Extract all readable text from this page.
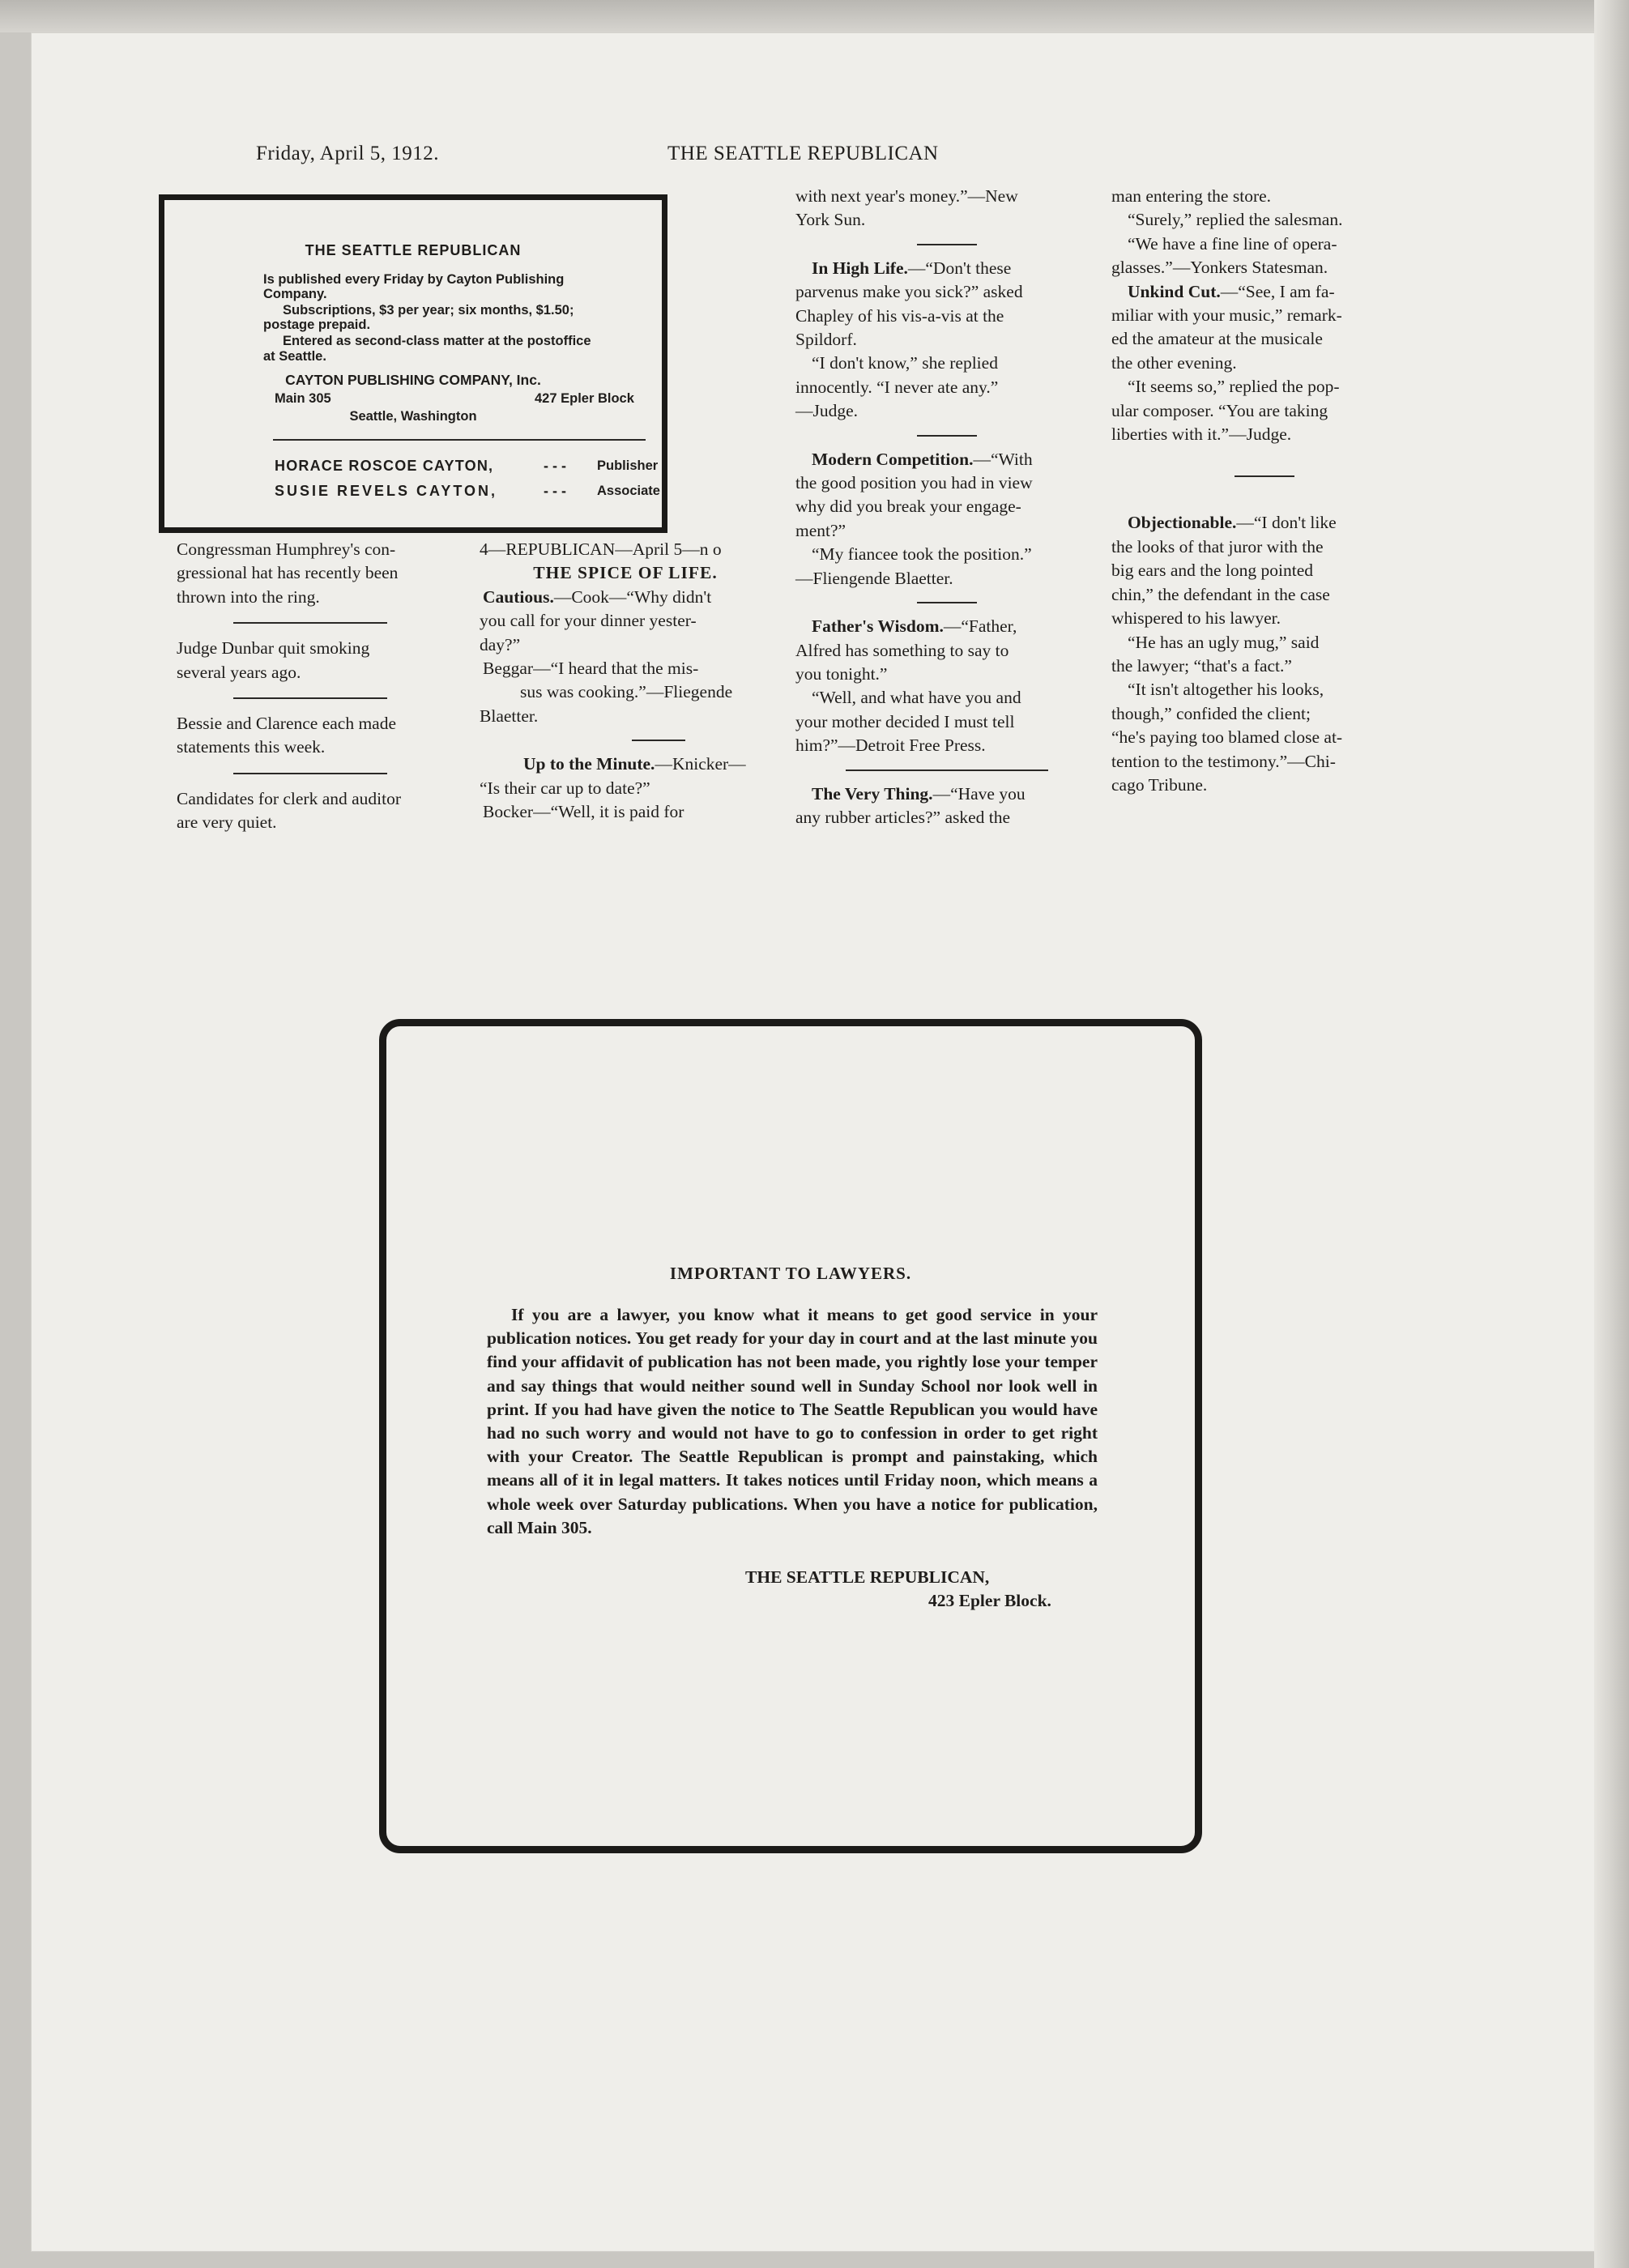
Friday, April 5, 1912.	THE SEATTLE REPUBLICAN
THE SEATTLE REPUBLICAN
Is published every Friday by Cayton Publishing
Company.
Subscriptions, $3 per year; six months, $1.50;
postage prepaid.
Entered as second-class matter at the postoffice
at Seattle.
CAYTON PUBLISHING COMPANY, Inc.
Main 305	427 Epler Block
Seattle, Washington
HORACE ROSCOE CAYTON,	- - - Publisher
SUSIE REVELS CAYTON,	- - - Associate
Congressman Humphrey's con-
gressional hat has recently been
thrown into the ring.
Judge Dunbar quit smoking
several years ago.
Bessie and Clarence each made
statements this week.
Candidates for clerk and auditor
are very quiet.
4—REPUBLICAN—April 5—n o
THE SPICE OF LIFE.
Cautious.—Cook—“Why didn't
you call for your dinner yester-
day?”
Beggar—“I heard that the mis-
sus was cooking.”—Fliegende
Blaetter.
Up to the Minute.—Knicker—
“Is their car up to date?”
Bocker—“Well, it is paid for
with next year's money.”—New
York Sun.
In High Life.—“Don't these
parvenus make you sick?” asked
Chapley of his vis-a-vis at the
Spildorf.
“I don't know,” she replied
innocently. “I never ate any.”
—Judge.
Modern Competition.—“With
the good position you had in view
why did you break your engage-
ment?”
“My fiancee took the position.”
—Fliengende Blaetter.
Father's Wisdom.—“Father,
Alfred has something to say to
you tonight.”
“Well, and what have you and
your mother decided I must tell
him?”—Detroit Free Press.
The Very Thing.—“Have you
any rubber articles?” asked the
man entering the store.
“Surely,” replied the salesman.
“We have a fine line of opera-
glasses.”—Yonkers Statesman.
Unkind Cut.—“See, I am fa-
miliar with your music,” remark-
ed the amateur at the musicale
the other evening.
“It seems so,” replied the pop-
ular composer. “You are taking
liberties with it.”—Judge.
Objectionable.—“I don't like
the looks of that juror with the
big ears and the long pointed
chin,” the defendant in the case
whispered to his lawyer.
“He has an ugly mug,” said
the lawyer; “that's a fact.”
“It isn't altogether his looks,
though,” confided the client;
“he's paying too blamed close at-
tention to the testimony.”—Chi-
cago Tribune.
IMPORTANT TO LAWYERS.

If you are a lawyer, you know what it means to get good service in your publication notices. You get ready for your day in court and at the last minute you find your affidavit of publication has not been made, you rightly lose your temper and say things that would neither sound well in Sunday School nor look well in print. If you had have given the notice to The Seattle Republican you would have had no such worry and would not have to go to confession in order to get right with your Creator. The Seattle Republican is prompt and painstaking, which means all of it in legal matters. It takes notices until Friday noon, which means a whole week over Saturday publications. When you have a notice for publication, call Main 305.

THE SEATTLE REPUBLICAN,
423 Epler Block.
